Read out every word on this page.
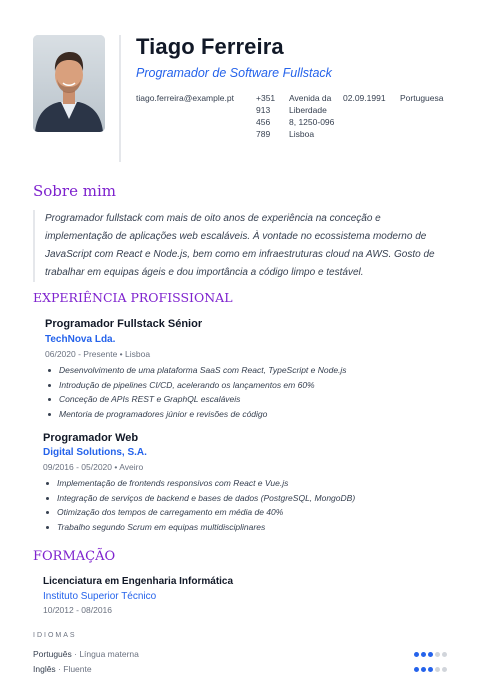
Tiago Ferreira
Programador de Software Fullstack
tiago.ferreira@example.pt	+351 913 456 789
Avenida da Liberdade 8, 1250-096 Lisboa
02.09.1991 Portuguesa
Sobre mim
Programador fullstack com mais de oito anos de experiência na conceção e implementação de aplicações web escaláveis. À vontade no ecossistema moderno de JavaScript com React e Node.js, bem como em infraestruturas cloud na AWS. Gosto de trabalhar em equipas ágeis e dou importância a código limpo e testável.
EXPERIÊNCIA PROFISSIONAL
Programador Fullstack Sénior
TechNova Lda.
06/2020 - Presente • Lisboa
Desenvolvimento de uma plataforma SaaS com React, TypeScript e Node.js
Introdução de pipelines CI/CD, acelerando os lançamentos em 60%
Conceção de APIs REST e GraphQL escaláveis
Mentoria de programadores júnior e revisões de código
Programador Web
Digital Solutions, S.A.
09/2016 - 05/2020 • Aveiro
Implementação de frontends responsivos com React e Vue.js
Integração de serviços de backend e bases de dados (PostgreSQL, MongoDB)
Otimização dos tempos de carregamento em média de 40%
Trabalho segundo Scrum em equipas multidisciplinares
FORMAÇÃO
Licenciatura em Engenharia Informática
Instituto Superior Técnico
10/2012 - 08/2016
IDIOMAS
Português · Língua materna
Inglês · Fluente
